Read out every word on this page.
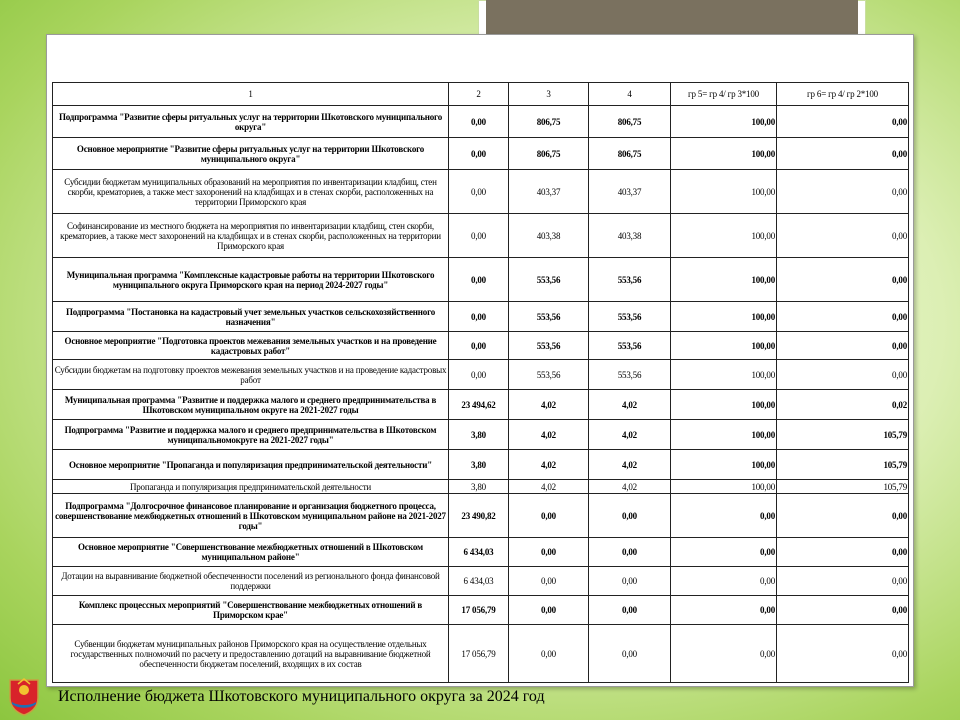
1	2	3	4	гр 5= гр 4/ гр 3*100	гр 6= гр 4/ гр 2*100
Подпрограмма "Развитие сферы ритуальных услуг на территории Шкотовского муниципального округа"	0,00	806,75	806,75	100,00	0,00
Основное мероприятие "Развитие сферы ритуальных услуг на территории Шкотовского муниципального округа"	0,00	806,75	806,75	100,00	0,00
Субсидии бюджетам муниципальных образований на мероприятия по инвентаризации кладбищ, стен скорби, крематориев, а также мест захоронений на кладбищах и в стенах скорби, расположенных на территории Приморского края	0,00	403,37	403,37	100,00	0,00
Софинансирование из местного бюджета на мероприятия по инвентаризации кладбищ, стен скорби, крематориев, а также мест захоронений на кладбищах и в стенах скорби, расположенных на территории Приморского края	0,00	403,38	403,38	100,00	0,00
Муниципальная программа "Комплексные кадастровые работы на территории Шкотовского муниципального округа Приморского края на период 2024-2027 годы"	0,00	553,56	553,56	100,00	0,00
Подпрограмма "Постановка на кадастровый учет земельных участков сельскохозяйственного назначения"	0,00	553,56	553,56	100,00	0,00
Основное мероприятие "Подготовка проектов межевания земельных участков и на проведение кадастровых работ"	0,00	553,56	553,56	100,00	0,00
Субсидии бюджетам на подготовку проектов межевания земельных участков и на проведение кадастровых работ	0,00	553,56	553,56	100,00	0,00
Муниципальная программа "Развитие и поддержка малого и среднего предпринимательства в Шкотовском муниципальном округе на 2021-2027 годы	23 494,62	4,02	4,02	100,00	0,02
Подпрограмма "Развитие и поддержка малого и среднего предпринимательства в Шкотовском муниципальномокруге на 2021-2027 годы"	3,80	4,02	4,02	100,00	105,79
Основное мероприятие "Пропаганда и популяризация предпринимательской деятельности"	3,80	4,02	4,02	100,00	105,79
Пропаганда и популяризация предпринимательской деятельности	3,80	4,02	4,02	100,00	105,79
Подпрограмма "Долгосрочное финансовое планирование и организация бюджетного процесса, совершенствование межбюджетных отношений в Шкотовском муниципальном районе на 2021-2027 годы"	23 490,82	0,00	0,00	0,00	0,00
Основное мероприятие "Совершенствование межбюджетных отношений в Шкотовском муниципальном районе"	6 434,03	0,00	0,00	0,00	0,00
Дотации на выравнивание бюджетной обеспеченности поселений из регионального фонда финансовой поддержки	6 434,03	0,00	0,00	0,00	0,00
Комплекс процессных мероприятий "Совершенствование межбюджетных отношений в Приморском крае"	17 056,79	0,00	0,00	0,00	0,00
Субвенции бюджетам муниципальных районов Приморского края на осуществление отдельных государственных полномочий по расчету и предоставлению дотаций на выравнивание бюджетной обеспеченности бюджетам поселений, входящих в их состав	17 056,79	0,00	0,00	0,00	0,00
Исполнение бюджета Шкотовского муниципального округа за 2024 год
